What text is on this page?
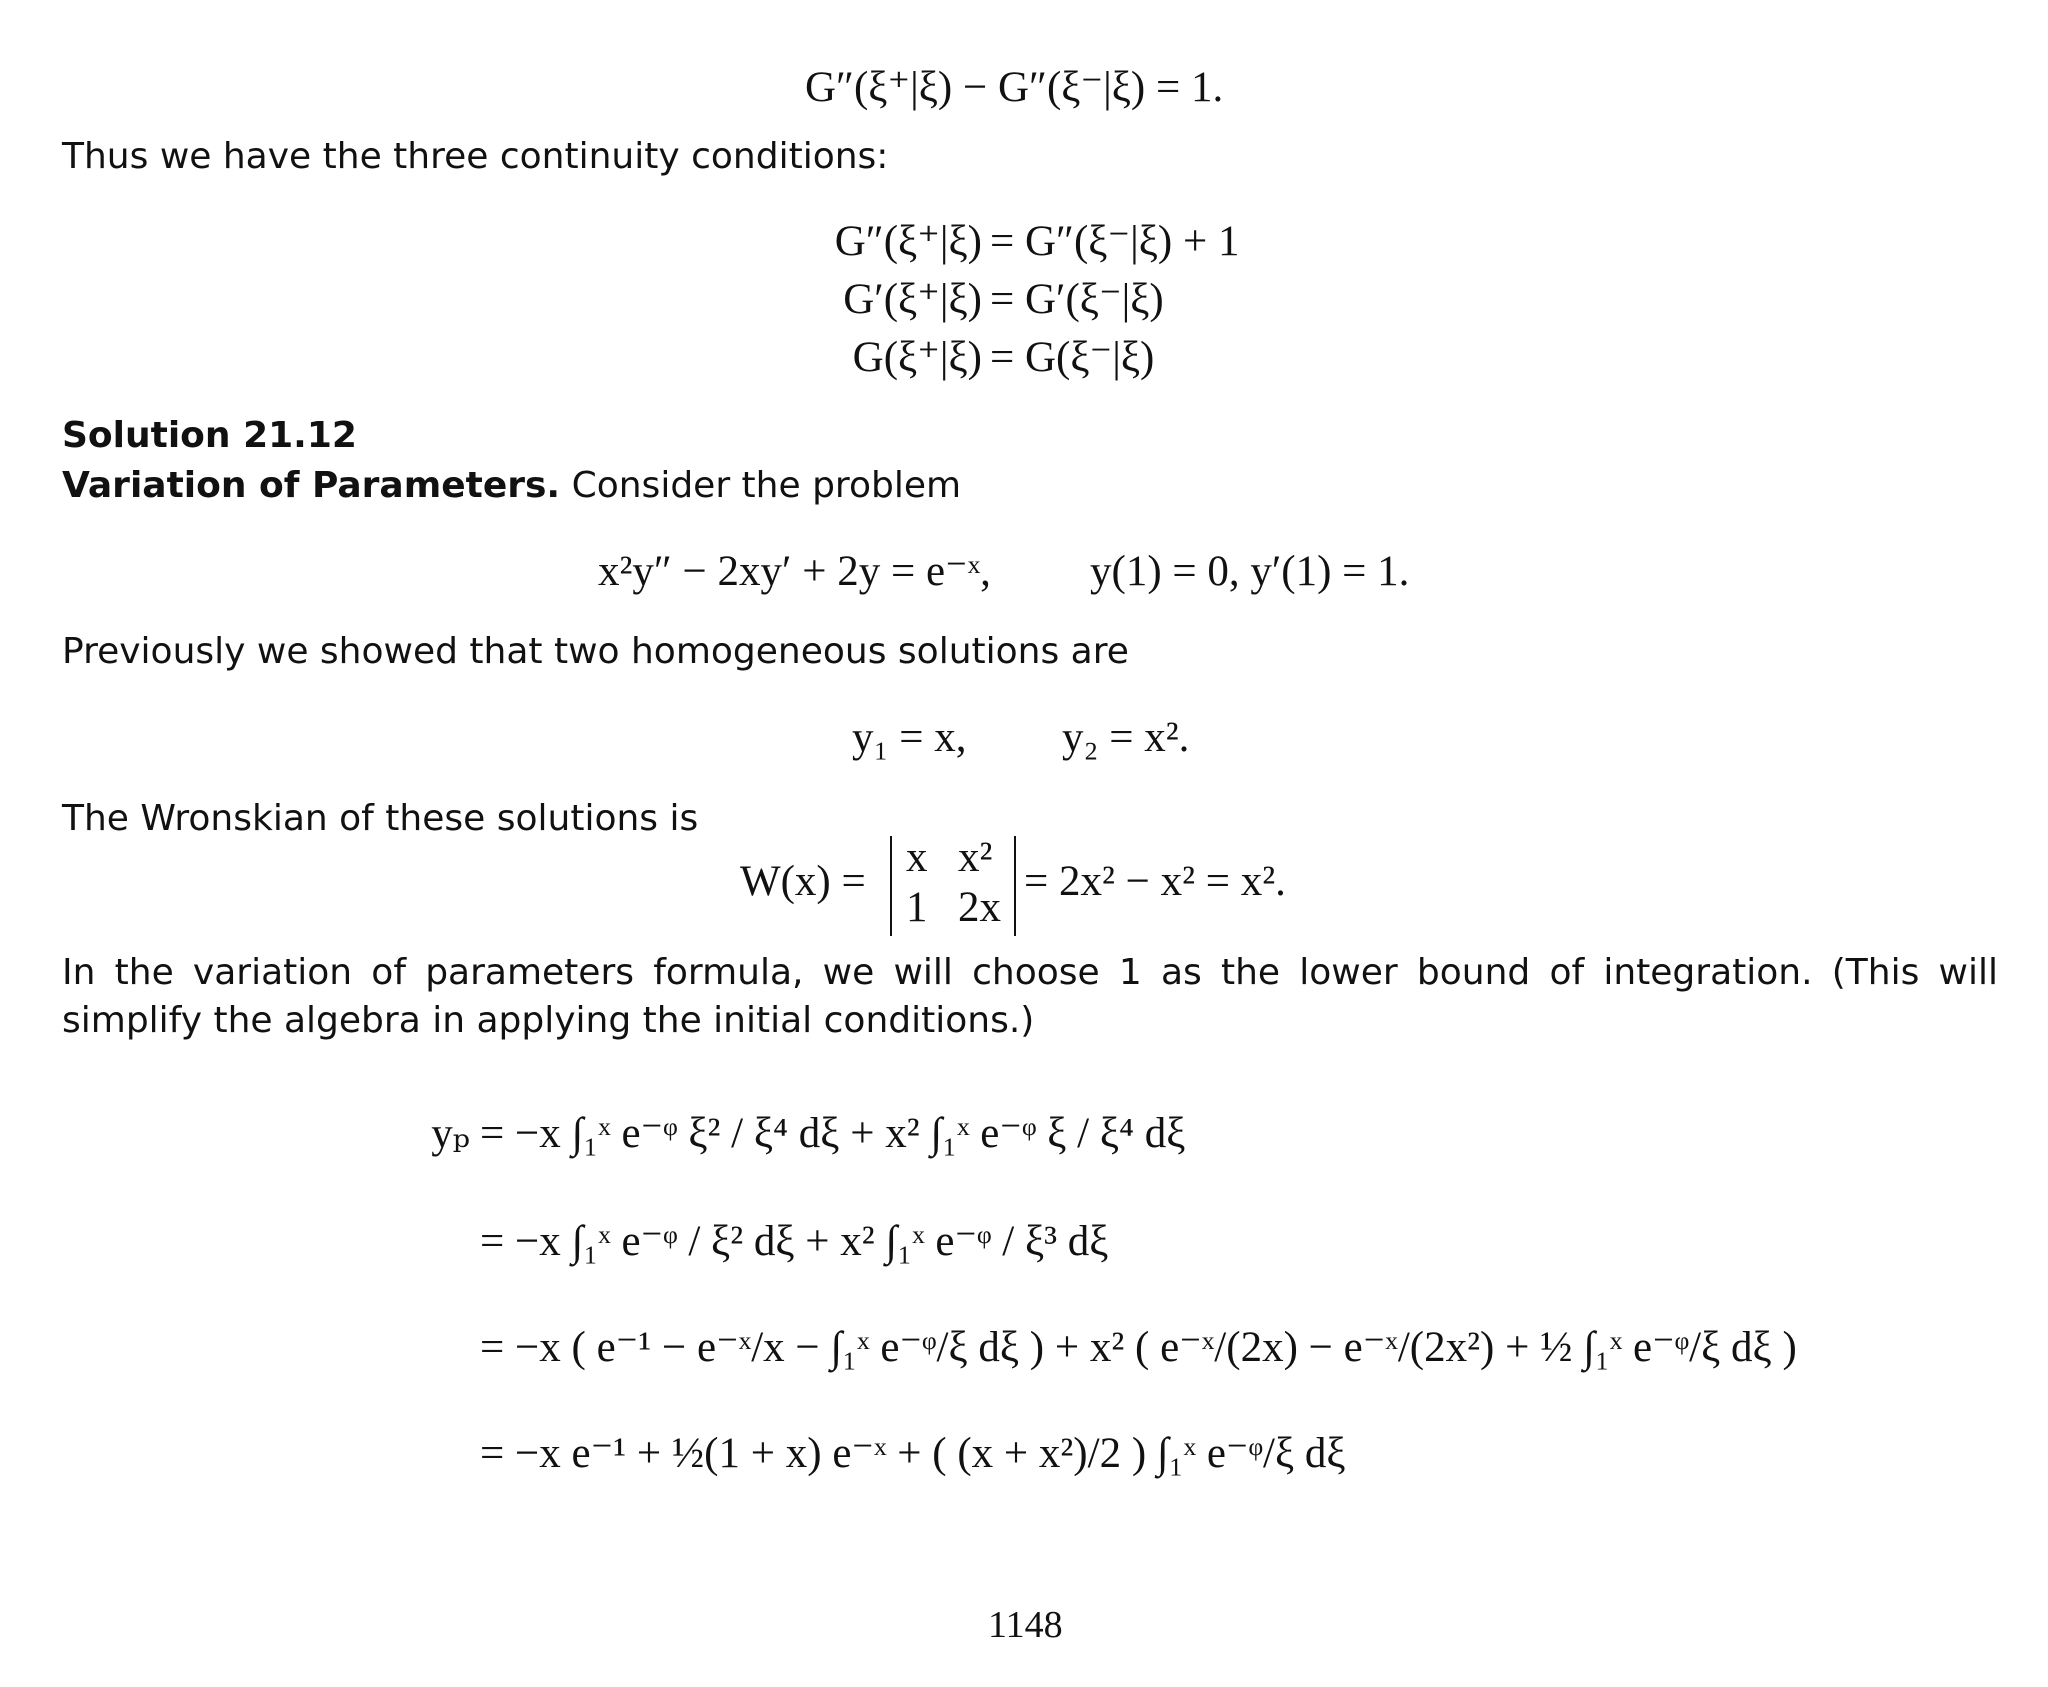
G″(ξ⁺|ξ) − G″(ξ⁻|ξ) = 1.
Thus we have the three continuity conditions:
G″(ξ⁺|ξ) = G″(ξ⁻|ξ) + 1
G′(ξ⁺|ξ) = G′(ξ⁻|ξ)
G(ξ⁺|ξ) = G(ξ⁻|ξ)
Solution 21.12
Variation of Parameters. Consider the problem
x²y″ − 2xy′ + 2y = e⁻ˣ, y(1) = 0, y′(1) = 1.
Previously we showed that two homogeneous solutions are
y₁ = x, y₂ = x².
The Wronskian of these solutions is
W(x) =
x x²
1 2x
= 2x² − x² = x².
In the variation of parameters formula, we will choose 1 as the lower bound of integration. (This will simplify the algebra in applying the initial conditions.)
yₚ = −x ∫₁ˣ e⁻ᵠ ξ² / ξ⁴ dξ + x² ∫₁ˣ e⁻ᵠ ξ / ξ⁴ dξ
= −x ∫₁ˣ e⁻ᵠ / ξ² dξ + x² ∫₁ˣ e⁻ᵠ / ξ³ dξ
= −x ( e⁻¹ − e⁻ˣ/x − ∫₁ˣ e⁻ᵠ/ξ dξ ) + x² ( e⁻ˣ/(2x) − e⁻ˣ/(2x²) + ½ ∫₁ˣ e⁻ᵠ/ξ dξ )
= −x e⁻¹ + ½(1 + x) e⁻ˣ + ( (x + x²)/2 ) ∫₁ˣ e⁻ᵠ/ξ dξ
1148
